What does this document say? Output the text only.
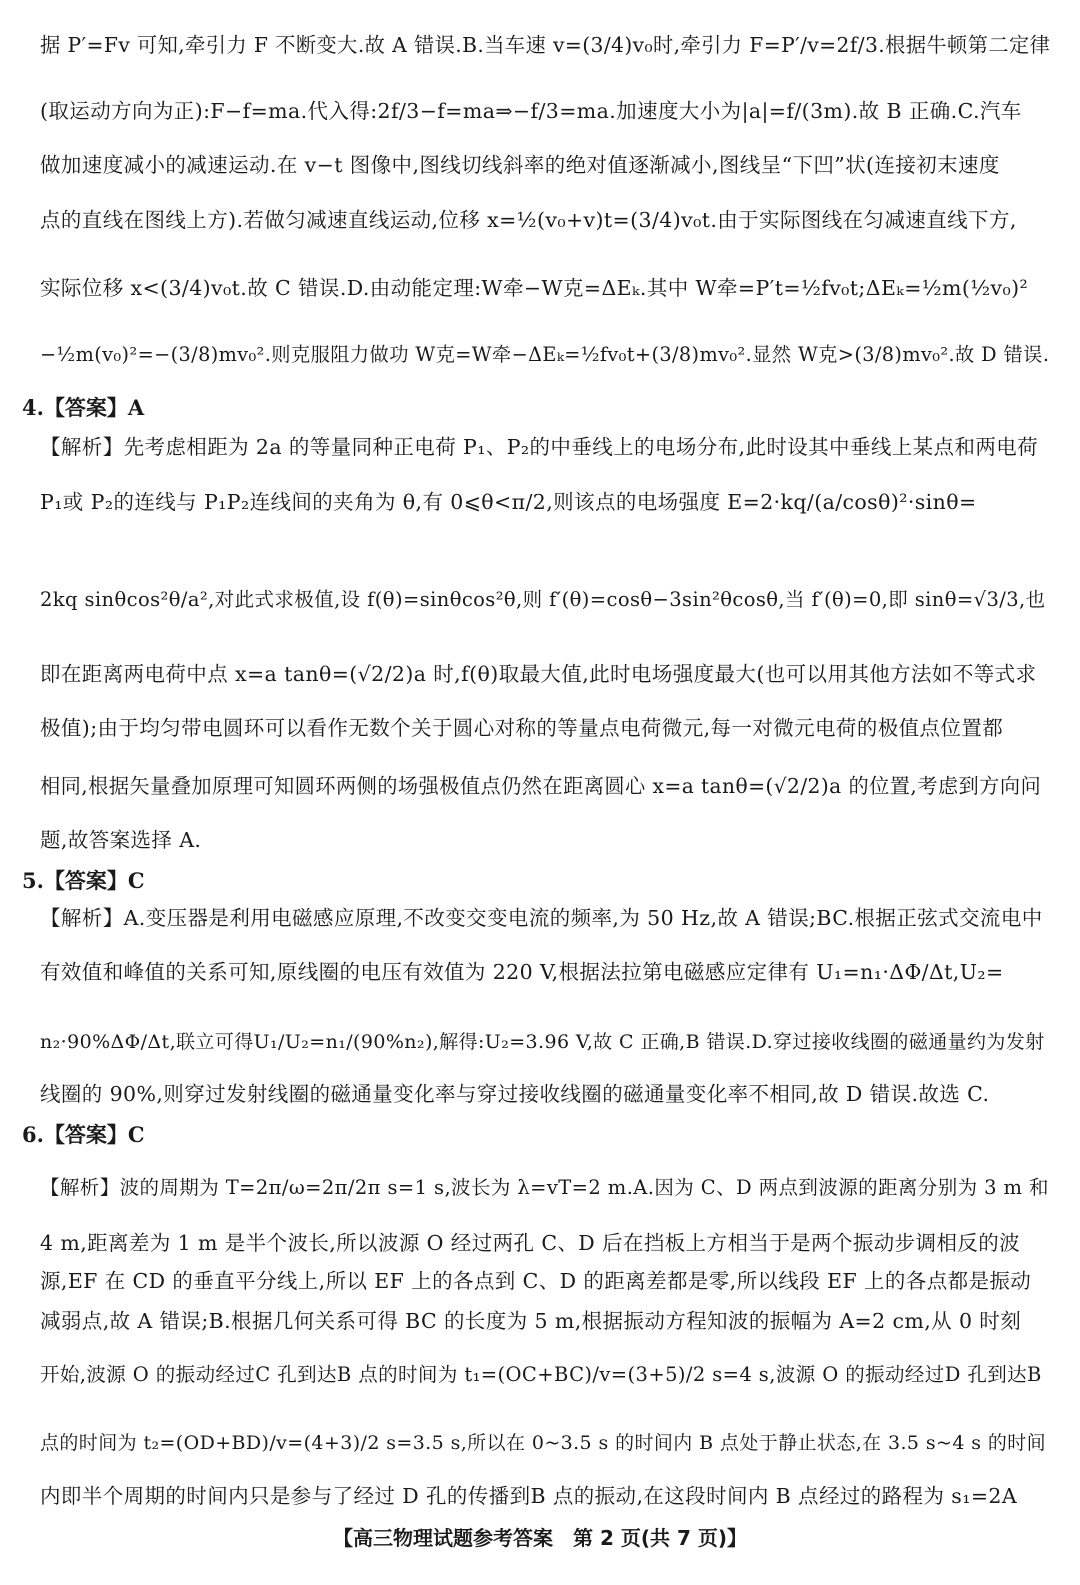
据 P′=Fv 可知,牵引力 F 不断变大.故 A 错误.B.当车速 v=(3/4)v₀时,牵引力 F=P′/v=2f/3.根据牛顿第二定律
(取运动方向为正):F−f=ma.代入得:2f/3−f=ma⇒−f/3=ma.加速度大小为|a|=f/(3m).故 B 正确.C.汽车
做加速度减小的减速运动.在 v−t 图像中,图线切线斜率的绝对值逐渐减小,图线呈“下凹”状(连接初末速度
点的直线在图线上方).若做匀减速直线运动,位移 x=½(v₀+v)t=(3/4)v₀t.由于实际图线在匀减速直线下方,
实际位移 x<(3/4)v₀t.故 C 错误.D.由动能定理:W牵−W克=ΔEₖ.其中 W牵=P′t=½fv₀t;ΔEₖ=½m(½v₀)²
−½m(v₀)²=−(3/8)mv₀².则克服阻力做功 W克=W牵−ΔEₖ=½fv₀t+(3/8)mv₀².显然 W克>(3/8)mv₀².故 D 错误.
4.【答案】A
【解析】先考虑相距为 2a 的等量同种正电荷 P₁、P₂的中垂线上的电场分布,此时设其中垂线上某点和两电荷
P₁或 P₂的连线与 P₁P₂连线间的夹角为 θ,有 0⩽θ<π/2,则该点的电场强度 E=2·kq/(a/cosθ)²·sinθ=
2kq sinθcos²θ/a²,对此式求极值,设 f(θ)=sinθcos²θ,则 f′(θ)=cosθ−3sin²θcosθ,当 f′(θ)=0,即 sinθ=√3/3,也
即在距离两电荷中点 x=a tanθ=(√2/2)a 时,f(θ)取最大值,此时电场强度最大(也可以用其他方法如不等式求
极值);由于均匀带电圆环可以看作无数个关于圆心对称的等量点电荷微元,每一对微元电荷的极值点位置都
相同,根据矢量叠加原理可知圆环两侧的场强极值点仍然在距离圆心 x=a tanθ=(√2/2)a 的位置,考虑到方向问
题,故答案选择 A.
5.【答案】C
【解析】A.变压器是利用电磁感应原理,不改变交变电流的频率,为 50 Hz,故 A 错误;BC.根据正弦式交流电中
有效值和峰值的关系可知,原线圈的电压有效值为 220 V,根据法拉第电磁感应定律有 U₁=n₁·ΔΦ/Δt,U₂=
n₂·90%ΔΦ/Δt,联立可得U₁/U₂=n₁/(90%n₂),解得:U₂=3.96 V,故 C 正确,B 错误.D.穿过接收线圈的磁通量约为发射
线圈的 90%,则穿过发射线圈的磁通量变化率与穿过接收线圈的磁通量变化率不相同,故 D 错误.故选 C.
6.【答案】C
【解析】波的周期为 T=2π/ω=2π/2π s=1 s,波长为 λ=vT=2 m.A.因为 C、D 两点到波源的距离分别为 3 m 和
4 m,距离差为 1 m 是半个波长,所以波源 O 经过两孔 C、D 后在挡板上方相当于是两个振动步调相反的波
源,EF 在 CD 的垂直平分线上,所以 EF 上的各点到 C、D 的距离差都是零,所以线段 EF 上的各点都是振动
减弱点,故 A 错误;B.根据几何关系可得 BC 的长度为 5 m,根据振动方程知波的振幅为 A=2 cm,从 0 时刻
开始,波源 O 的振动经过C 孔到达B 点的时间为 t₁=(OC+BC)/v=(3+5)/2 s=4 s,波源 O 的振动经过D 孔到达B
点的时间为 t₂=(OD+BD)/v=(4+3)/2 s=3.5 s,所以在 0~3.5 s 的时间内 B 点处于静止状态,在 3.5 s~4 s 的时间
内即半个周期的时间内只是参与了经过 D 孔的传播到B 点的振动,在这段时间内 B 点经过的路程为 s₁=2A
【高三物理试题参考答案　第 2 页(共 7 页)】
